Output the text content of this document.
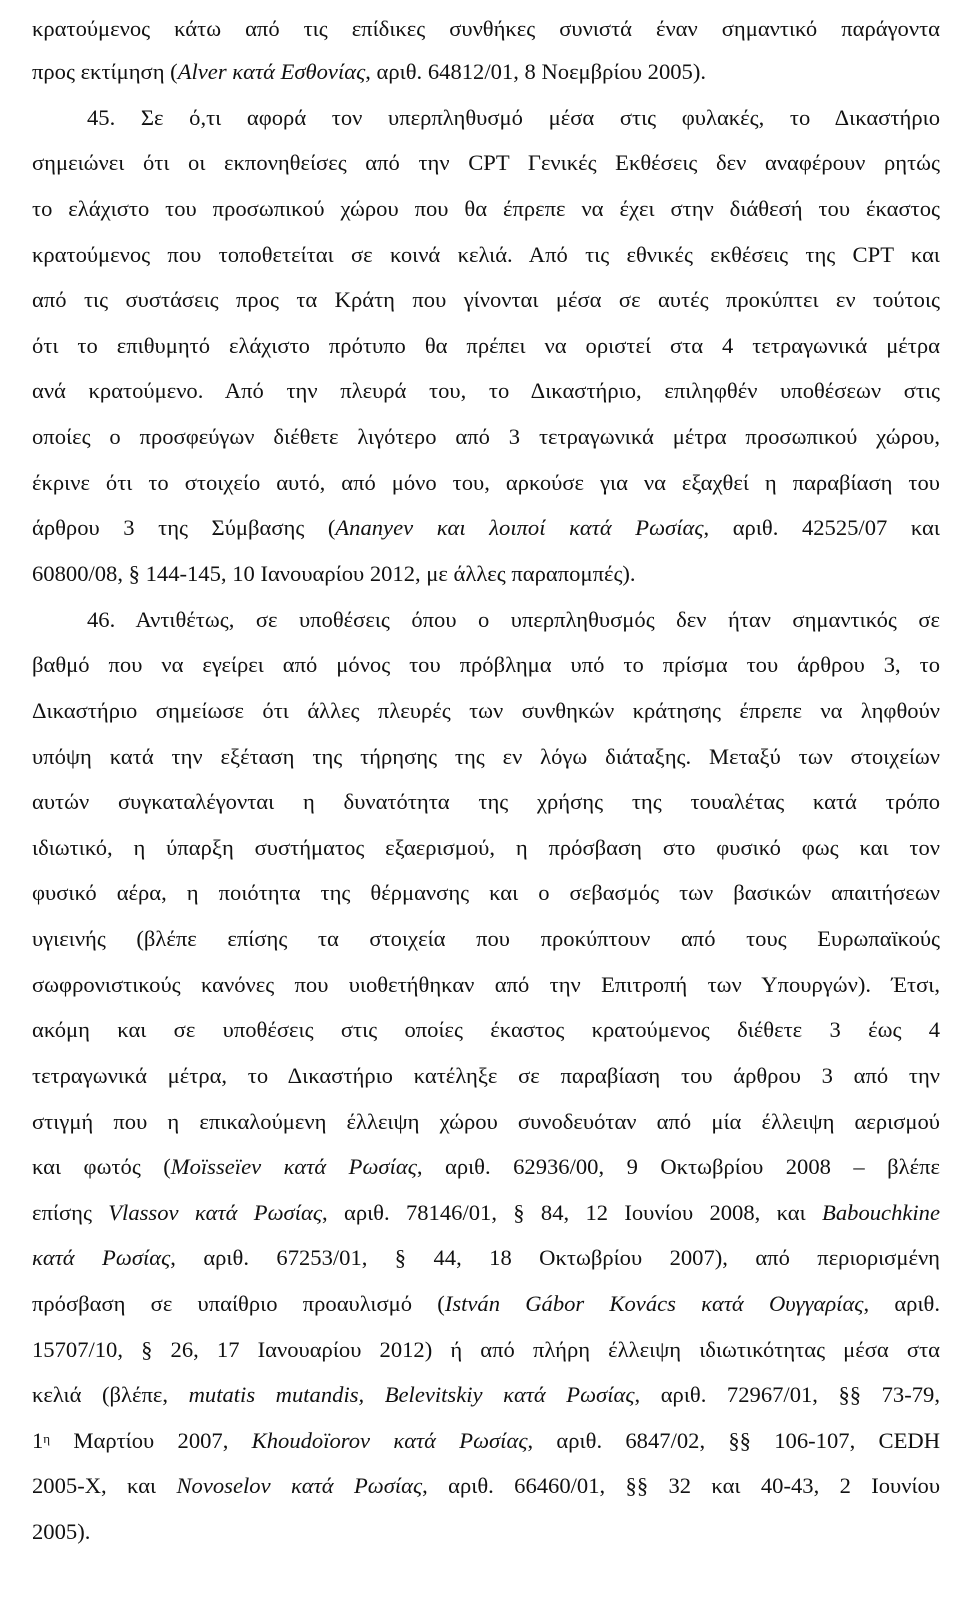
κρατούμενος κάτω από τις επίδικες συνθήκες συνιστά έναν σημαντικό παράγοντα
προς εκτίμηση (Alver κατά Εσθονίας, αριθ. 64812/01, 8 Νοεμβρίου 2005).
45. Σε ό,τι αφορά τον υπερπληθυσμό μέσα στις φυλακές, το Δικαστήριο
σημειώνει ότι οι εκπονηθείσες από την CPT Γενικές Εκθέσεις δεν αναφέρουν ρητώς
το ελάχιστο του προσωπικού χώρου που θα έπρεπε να έχει στην διάθεσή του έκαστος
κρατούμενος που τοποθετείται σε κοινά κελιά. Από τις εθνικές εκθέσεις της CPT και
από τις συστάσεις προς τα Κράτη που γίνονται μέσα σε αυτές προκύπτει εν τούτοις
ότι το επιθυμητό ελάχιστο πρότυπο θα πρέπει να οριστεί στα 4 τετραγωνικά μέτρα
ανά κρατούμενο. Από την πλευρά του, το Δικαστήριο, επιληφθέν υποθέσεων στις
οποίες ο προσφεύγων διέθετε λιγότερο από 3 τετραγωνικά μέτρα προσωπικού χώρου,
έκρινε ότι το στοιχείο αυτό, από μόνο του, αρκούσε για να εξαχθεί η παραβίαση του
άρθρου 3 της Σύμβασης (Ananyev και λοιποί κατά Ρωσίας, αριθ. 42525/07 και
60800/08, § 144-145, 10 Ιανουαρίου 2012, με άλλες παραπομπές).
46. Αντιθέτως, σε υποθέσεις όπου ο υπερπληθυσμός δεν ήταν σημαντικός σε
βαθμό που να εγείρει από μόνος του πρόβλημα υπό το πρίσμα του άρθρου 3, το
Δικαστήριο σημείωσε ότι άλλες πλευρές των συνθηκών κράτησης έπρεπε να ληφθούν
υπόψη κατά την εξέταση της τήρησης της εν λόγω διάταξης. Μεταξύ των στοιχείων
αυτών συγκαταλέγονται η δυνατότητα της χρήσης της τουαλέτας κατά τρόπο
ιδιωτικό, η ύπαρξη συστήματος εξαερισμού, η πρόσβαση στο φυσικό φως και τον
φυσικό αέρα, η ποιότητα της θέρμανσης και ο σεβασμός των βασικών απαιτήσεων
υγιεινής (βλέπε επίσης τα στοιχεία που προκύπτουν από τους Ευρωπαϊκούς
σωφρονιστικούς κανόνες που υιοθετήθηκαν από την Επιτροπή των Υπουργών). Έτσι,
ακόμη και σε υποθέσεις στις οποίες έκαστος κρατούμενος διέθετε 3 έως 4
τετραγωνικά μέτρα, το Δικαστήριο κατέληξε σε παραβίαση του άρθρου 3 από την
στιγμή που η επικαλούμενη έλλειψη χώρου συνοδευόταν από μία έλλειψη αερισμού
και φωτός (Moïsseïev κατά Ρωσίας, αριθ. 62936/00, 9 Οκτωβρίου 2008 – βλέπε
επίσης Vlassov κατά Ρωσίας, αριθ. 78146/01, § 84, 12 Ιουνίου 2008, και Babouchkine
κατά Ρωσίας, αριθ. 67253/01, § 44, 18 Οκτωβρίου 2007), από περιορισμένη
πρόσβαση σε υπαίθριο προαυλισμό (István Gábor Kovács κατά Ουγγαρίας, αριθ.
15707/10, § 26, 17 Ιανουαρίου 2012) ή από πλήρη έλλειψη ιδιωτικότητας μέσα στα
κελιά (βλέπε, mutatis mutandis, Belevitskiy κατά Ρωσίας, αριθ. 72967/01, §§ 73-79,
$1^\eta$ Μαρτίου 2007, Khoudoïorov κατά Ρωσίας, αριθ. 6847/02, §§ 106-107, CEDH
2005-X, και Novoselov κατά Ρωσίας, αριθ. 66460/01, §§ 32 και 40-43, 2 Ιουνίου
2005).
